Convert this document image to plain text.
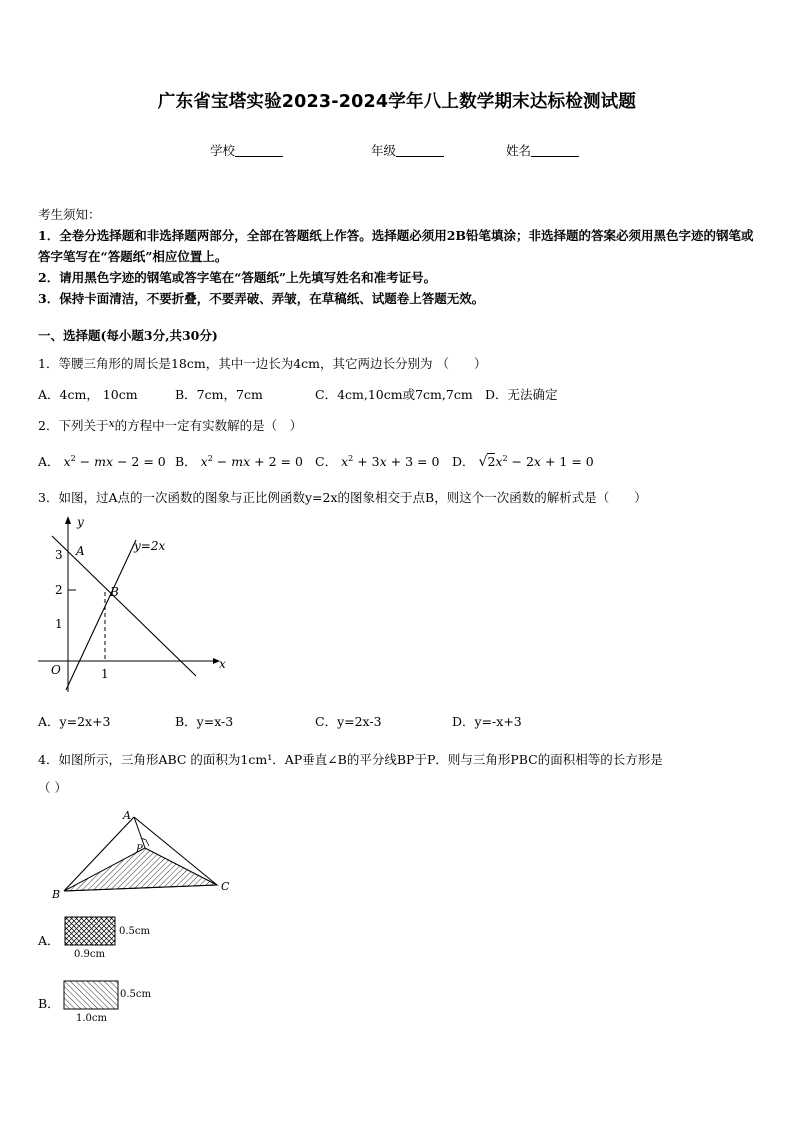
广东省宝塔实验2023-2024学年八上数学期末达标检测试题
学校	年级	姓名
考生须知：
1．全卷分选择题和非选择题两部分，全部在答题纸上作答。选择题必须用2B铅笔填涂；非选择题的答案必须用黑色字迹的钢笔或答字笔写在“答题纸”相应位置上。
2．请用黑色字迹的钢笔或答字笔在“答题纸”上先填写姓名和准考证号。
3．保持卡面清洁，不要折叠，不要弄破、弄皱，在草稿纸、试题卷上答题无效。
一、选择题(每小题3分,共30分)
1．等腰三角形的周长是18cm，其中一边长为4cm，其它两边长分别为 （　　）
A．4cm， 10cm	B．7cm，7cm	C．4cm,10cm或7cm,7cm D．无法确定
2．下列关于x的方程中一定有实数解的是（　）
A． $x^2$ − mx − 2 = 0 B． $x^2$ − mx + 2 = 0 C． $x^2 + 3x + 3 = 0$ D． $√2x^2 - 2x + 1 = 0$
3．如图，过A点的一次函数的图象与正比例函数y=2x的图象相交于点B，则这个一次函数的解析式是（　　）
y
x
O
3
2
1
1
y=2x
A
B
A．y=2x+3	B．y=x-3	C．y=2x-3	D．y=-x+3
4．如图所示，三角形ABC 的面积为1cm¹．AP垂直∠B的平分线BP于P．则与三角形PBC的面积相等的长方形是
（ ）
A
B
C
P
A．
0.5cm
0.9cm
B．
0.5cm
1.0cm
